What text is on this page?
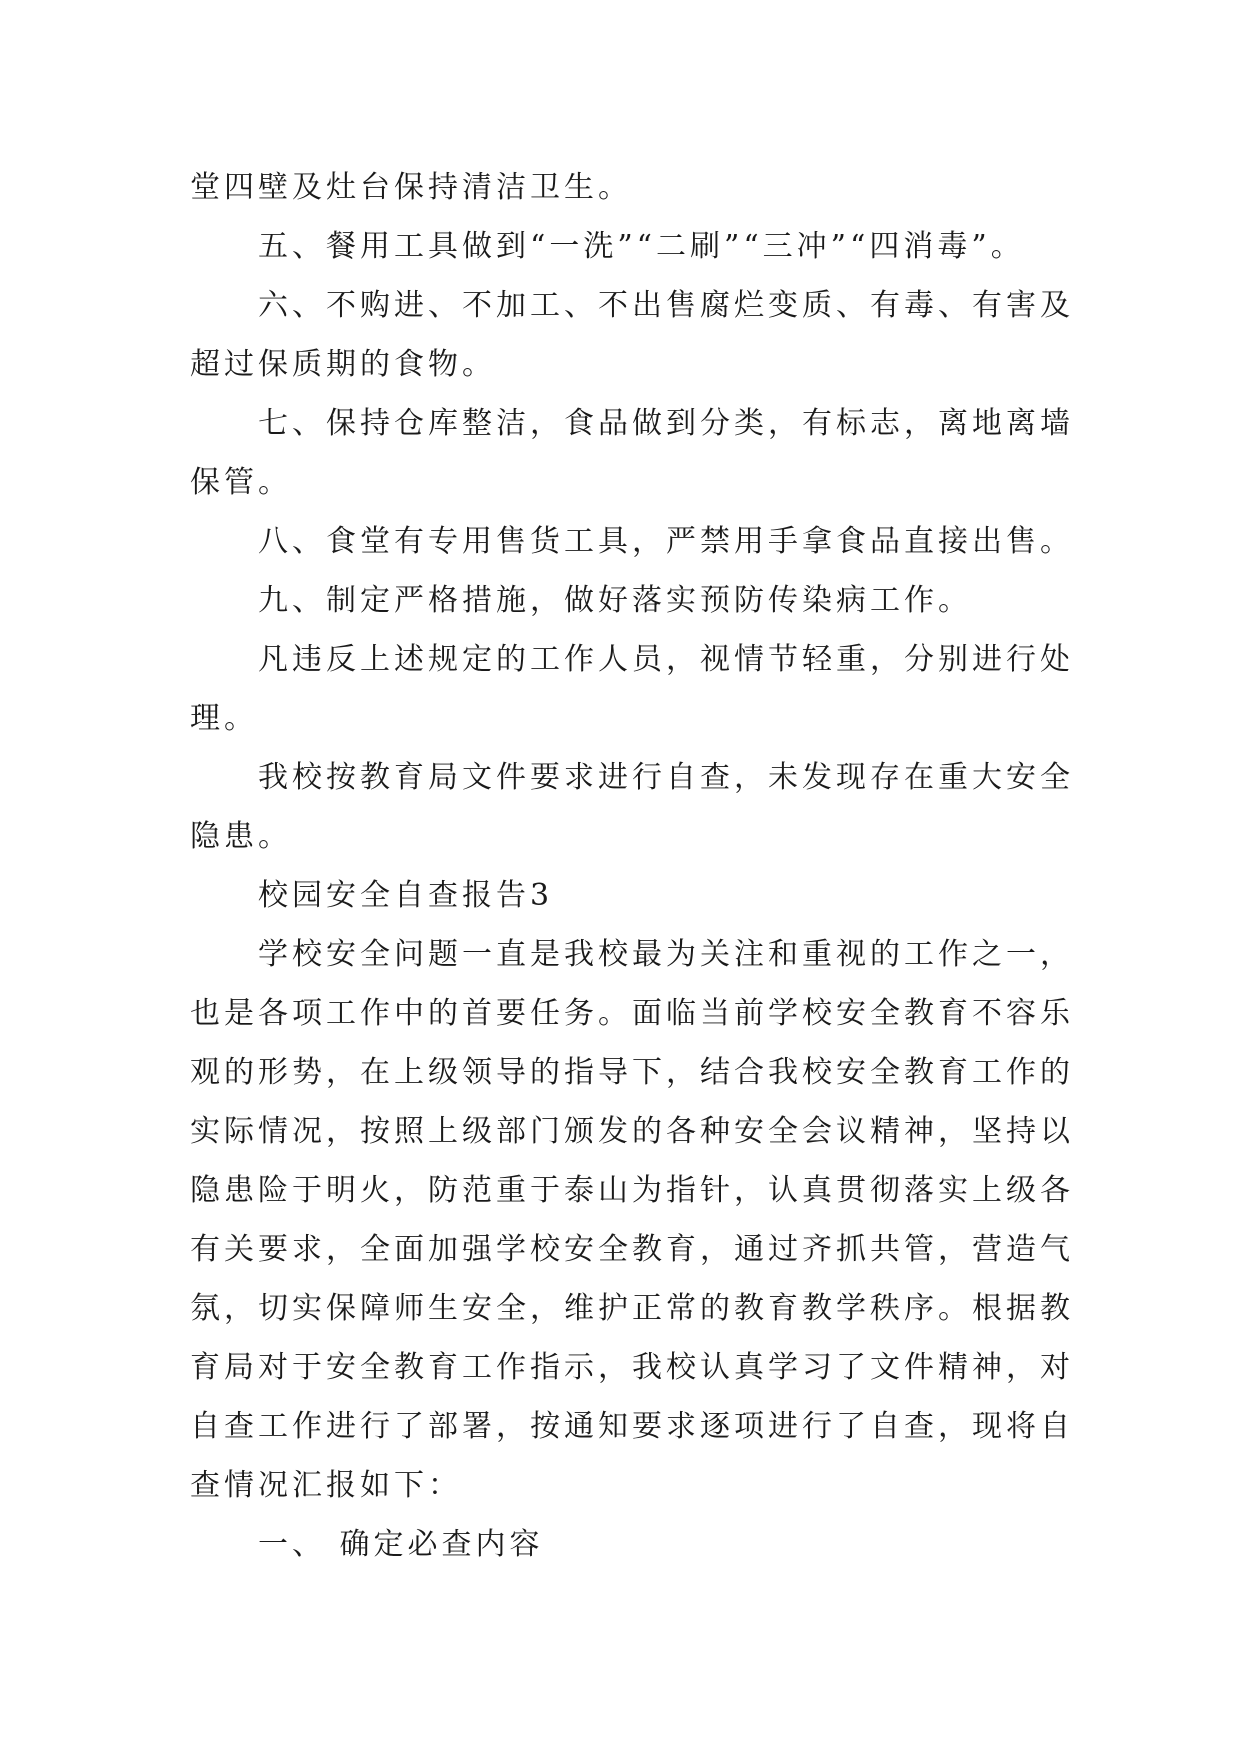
堂四壁及灶台保持清洁卫生。
五、餐用工具做到“一洗”“二刷”“三冲”“四消毒”。
六、不购进、不加工、不出售腐烂变质、有毒、有害及
超过保质期的食物。
七、保持仓库整洁，食品做到分类，有标志，离地离墙
保管。
八、食堂有专用售货工具，严禁用手拿食品直接出售。
九、制定严格措施，做好落实预防传染病工作。
凡违反上述规定的工作人员，视情节轻重，分别进行处
理。
我校按教育局文件要求进行自查，未发现存在重大安全
隐患。
校园安全自查报告3
学校安全问题一直是我校最为关注和重视的工作之一，
也是各项工作中的首要任务。面临当前学校安全教育不容乐
观的形势，在上级领导的指导下，结合我校安全教育工作的
实际情况，按照上级部门颁发的各种安全会议精神，坚持以
隐患险于明火，防范重于泰山为指针，认真贯彻落实上级各
有关要求，全面加强学校安全教育，通过齐抓共管，营造气
氛，切实保障师生安全，维护正常的教育教学秩序。根据教
育局对于安全教育工作指示，我校认真学习了文件精神，对
自查工作进行了部署，按通知要求逐项进行了自查，现将自
查情况汇报如下：
一、 确定必查内容
